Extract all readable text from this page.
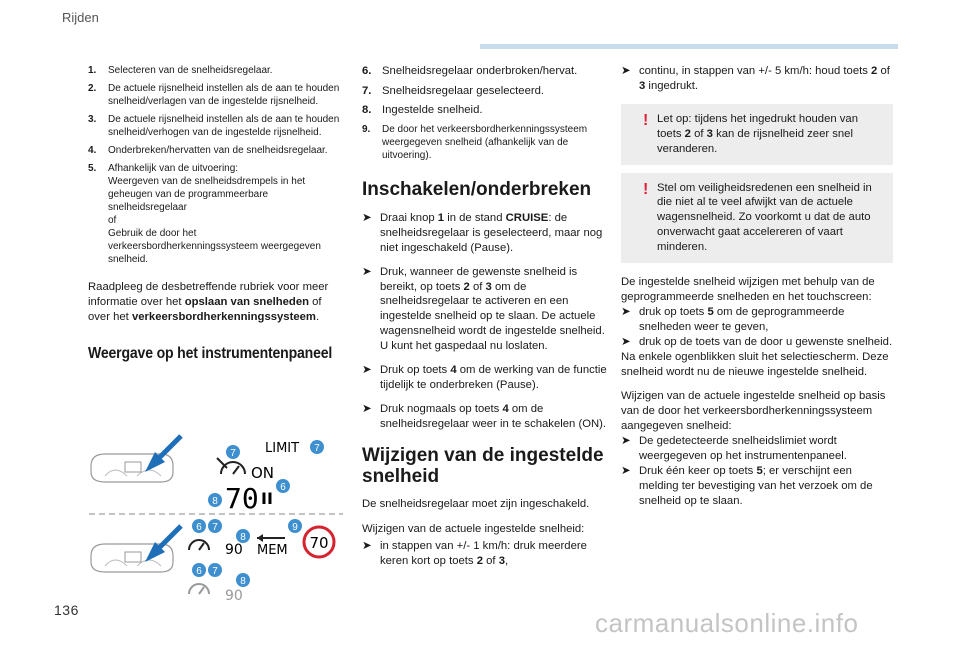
Rijden
1. Selecteren van de snelheidsregelaar.
2. De actuele rijsnelheid instellen als de aan te houden snelheid/verlagen van de ingestelde rijsnelheid.
3. De actuele rijsnelheid instellen als de aan te houden snelheid/verhogen van de ingestelde rijsnelheid.
4. Onderbreken/hervatten van de snelheidsregelaar.
5. Afhankelijk van de uitvoering:
Weergeven van de snelheidsdrempels in het geheugen van de programmeerbare snelheidsregelaar
of
Gebruik de door het verkeersbordherkenningssysteem weergegeven snelheid.

Raadpleeg de desbetreffende rubriek voor meer informatie over het opslaan van snelheden of over het verkeersbordherkenningssysteem.

Weergave op het instrumentenpaneel
LIMIT 7
7
ON
70 II
6
8
6 7
8
9
90 MEM 70
6 7
8
90
6. Snelheidsregelaar onderbroken/hervat.
7. Snelheidsregelaar geselecteerd.
8. Ingestelde snelheid.
9. De door het verkeersbordherkenningssysteem weergegeven snelheid (afhankelijk van de uitvoering).
Inschakelen/onderbreken
➤ Draai knop 1 in de stand CRUISE: de snelheidsregelaar is geselecteerd, maar nog niet ingeschakeld (Pause).
➤ Druk, wanneer de gewenste snelheid is bereikt, op toets 2 of 3 om de snelheidsregelaar te activeren en een ingestelde snelheid op te slaan. De actuele wagensnelheid wordt de ingestelde snelheid.
U kunt het gaspedaal nu loslaten.
➤ Druk op toets 4 om de werking van de functie tijdelijk te onderbreken (Pause).
➤ Druk nogmaals op toets 4 om de snelheidsregelaar weer in te schakelen (ON).
Wijzigen van de ingestelde snelheid

De snelheidsregelaar moet zijn ingeschakeld.

Wijzigen van de actuele ingestelde snelheid:

➤ in stappen van +/- 1 km/h: druk meerdere keren kort op toets 2 of 3,
➤ continu, in stappen van +/- 5 km/h: houd toets 2 of 3 ingedrukt.
! Let op: tijdens het ingedrukt houden van toets 2 of 3 kan de rijsnelheid zeer snel veranderen.
! Stel om veiligheidsredenen een snelheid in die niet al te veel afwijkt van de actuele wagensnelheid. Zo voorkomt u dat de auto onverwacht gaat accelereren of vaart minderen.

De ingestelde snelheid wijzigen met behulp van de geprogrammeerde snelheden en het touchscreen:

➤ druk op toets 5 om de geprogrammeerde snelheden weer te geven,
➤ druk op de toets van de door u gewenste snelheid.

Na enkele ogenblikken sluit het selectiescherm. Deze snelheid wordt nu de nieuwe ingestelde snelheid.

Wijzigen van de actuele ingestelde snelheid op basis van de door het verkeersbordherkenningssysteem aangegeven snelheid:

➤ De gedetecteerde snelheidslimiet wordt weergegeven op het instrumentenpaneel.
➤ Druk één keer op toets 5; er verschijnt een melding ter bevestiging van het verzoek om de snelheid op te slaan.
136	carmanualsonline.info
